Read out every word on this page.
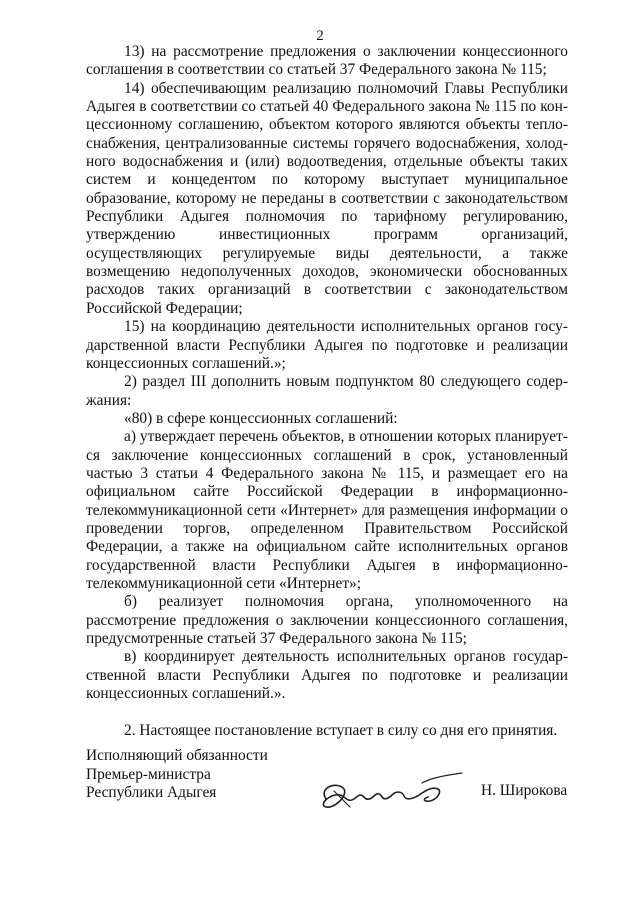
2

13) на рассмотрение предложения о заключении концессионного соглашения в соответствии со статьей 37 Федерального закона № 115;

14) обеспечивающим реализацию полномочий Главы Республики Адыгея в соответствии со статьей 40 Федерального закона № 115 по концессионному соглашению, объектом которого являются объекты теплоснабжения, централизованные системы горячего водоснабжения, холодного водоснабжения и (или) водоотведения, отдельные объекты таких систем и концедентом по которому выступает муниципальное образование, которому не переданы в соответствии с законодательством Республики Адыгея полномочия по тарифному регулированию, утверждению инвестиционных программ организаций, осуществляющих регулируемые виды деятельности, а также возмещению недополученных доходов, экономически обоснованных расходов таких организаций в соответствии с законодательством Российской Федерации;

15) на координацию деятельности исполнительных органов государственной власти Республики Адыгея по подготовке и реализации концессионных соглашений.»;

2) раздел III дополнить новым подпунктом 80 следующего содержания:

«80) в сфере концессионных соглашений:

а) утверждает перечень объектов, в отношении которых планируется заключение концессионных соглашений в срок, установленный частью 3 статьи 4 Федерального закона № 115, и размещает его на официальном сайте Российской Федерации в информационно-телекоммуникационной сети «Интернет» для размещения информации о проведении торгов, определенном Правительством Российской Федерации, а также на официальном сайте исполнительных органов государственной власти Республики Адыгея в информационно-телекоммуникационной сети «Интернет»;

б) реализует полномочия органа, уполномоченного на рассмотрение предложения о заключении концессионного соглашения, предусмотренные статьей 37 Федерального закона № 115;

в) координирует деятельность исполнительных органов государственной власти Республики Адыгея по подготовке и реализации концессионных соглашений.».

2. Настоящее постановление вступает в силу со дня его принятия.

Исполняющий обязанности
Премьер-министра
Республики Адыгея	Н. Широкова
